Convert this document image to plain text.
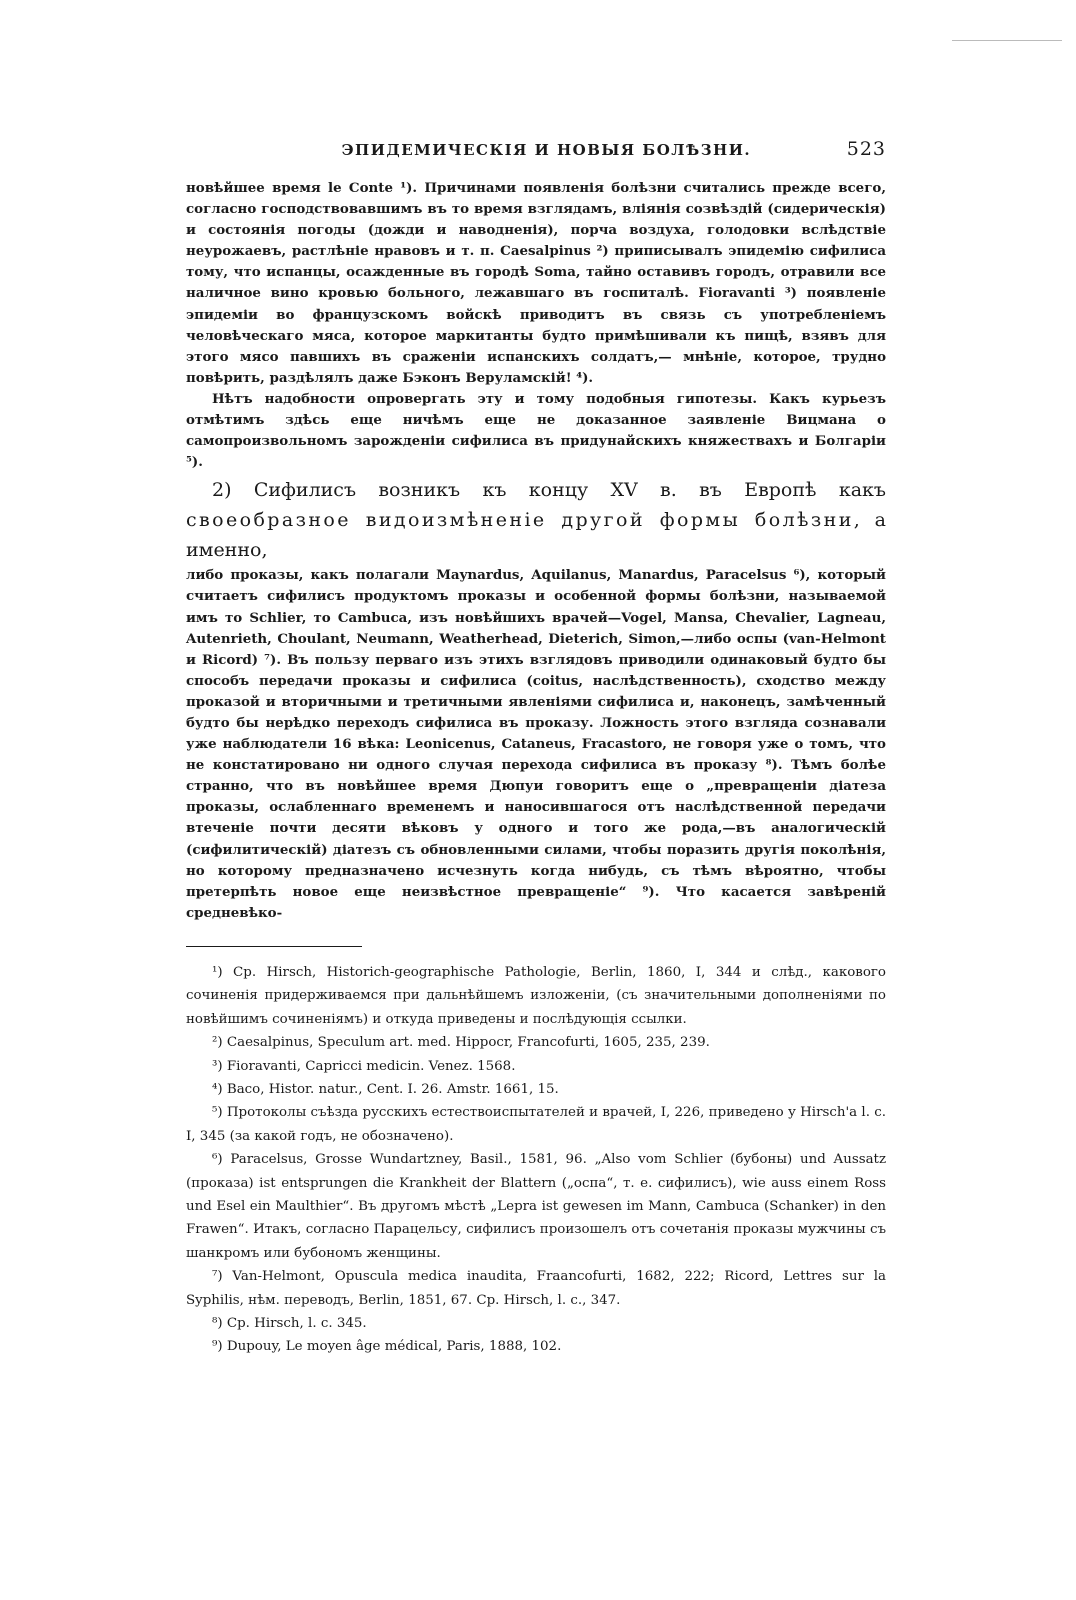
ЭПИДЕМИЧЕСКІЯ И НОВЫЯ БОЛѢЗНИ.	523

новѣйшее время le Conte ¹). Причинами появленія болѣзни считались прежде всего, согласно господствовавшимъ въ то время взглядамъ, вліянія созвѣздій (сидерическія) и состоянія погоды (дожди и наводненія), порча воздуха, голодовки вслѣдствіе неурожаевъ, растлѣніе нравовъ и т. п. Caesalpinus ²) приписывалъ эпидемію сифилиса тому, что испанцы, осажденные въ городѣ Soma, тайно оставивъ городъ, отравили все наличное вино кровью больного, лежавшаго въ госпиталѣ. Fioravanti ³) появленіе эпидеміи во французскомъ войскѣ приводитъ въ связь съ употребленіемъ человѣческаго мяса, которое маркитанты будто примѣшивали къ пищѣ, взявъ для этого мясо павшихъ въ сраженіи испанскихъ солдатъ,— мнѣніе, которое, трудно повѣрить, раздѣлялъ даже Бэконъ Веруламскій! ⁴).

Нѣтъ надобности опровергать эту и тому подобныя гипотезы. Какъ курьезъ отмѣтимъ здѣсь еще ничѣмъ еще не доказанное заявленіе Вицмана о самопроизвольномъ зарожденіи сифилиса въ придунайскихъ княжествахъ и Болгаріи ⁵).

2) Сифилисъ возникъ къ концу XV в. въ Европѣ какъ своеобразное видоизмѣненіе другой формы болѣзни, а именно,

либо проказы, какъ полагали Maynardus, Aquilanus, Manardus, Paracelsus ⁶), который считаетъ сифилисъ продуктомъ проказы и особенной формы болѣзни, называемой имъ то Schlier, то Cambuca, изъ новѣйшихъ врачей—Vogel, Mansa, Chevalier, Lagneau, Autenrieth, Choulant, Neumann, Weatherhead, Dieterich, Simon,—либо оспы (van-Helmont и Ricord) ⁷). Въ пользу перваго изъ этихъ взглядовъ приводили одинаковый будто бы способъ передачи проказы и сифилиса (coitus, наслѣдственность), сходство между проказой и вторичными и третичными явленіями сифилиса и, наконецъ, замѣченный будто бы нерѣдко переходъ сифилиса въ проказу. Ложность этого взгляда сознавали уже наблюдатели 16 вѣка: Leonicenus, Cataneus, Fracastoro, не говоря уже о томъ, что не констатировано ни одного случая перехода сифилиса въ проказу ⁸). Тѣмъ болѣе странно, что въ новѣйшее время Дюпуи говоритъ еще о „превращеніи діатеза проказы, ослабленнаго временемъ и наносившагося отъ наслѣдственной передачи втеченіе почти десяти вѣковъ у одного и того же рода,—въ аналогическій (сифилитическій) діатезъ съ обновленными силами, чтобы поразить другія поколѣнія, но которому предназначено исчезнуть когда нибудь, съ тѣмъ вѣроятно, чтобы претерпѣть новое еще неизвѣстное превращеніе“ ⁹). Что касается завѣреній средневѣко-

¹) Ср. Hirsch, Historich-geographische Pathologie, Berlin, 1860, I, 344 и слѣд., какового сочиненія придерживаемся при дальнѣйшемъ изложеніи, (съ значительными дополненіями по новѣйшимъ сочиненіямъ) и откуда приведены и послѣдующія ссылки.

²) Caesalpinus, Speculum art. med. Hippocr, Francofurti, 1605, 235, 239.

³) Fioravanti, Capricci medicin. Venez. 1568.

⁴) Baco, Histor. natur., Cent. I. 26. Amstr. 1661, 15.

⁵) Протоколы съѣзда русскихъ естествоиспытателей и врачей, I, 226, приведено у Hirsch'а l. c. I, 345 (за какой годъ, не обозначено).

⁶) Paracelsus, Grosse Wundartzney, Basil., 1581, 96. „Also vom Schlier (бубоны) und Aussatz (проказа) ist entsprungen die Krankheit der Blattern („оспа“, т. е. сифилисъ), wie auss einem Ross und Esel ein Maulthier“. Въ другомъ мѣстѣ „Lepra ist gewesen im Mann, Cambuca (Schanker) in den Frawen“. Итакъ, согласно Парацельсу, сифилисъ произошелъ отъ сочетанія проказы мужчины съ шанкромъ или бубономъ женщины.

⁷) Van-Helmont, Opuscula medica inaudita, Fraancofurti, 1682, 222; Ricord, Lettres sur la Syphilis, нѣм. переводъ, Berlin, 1851, 67. Ср. Hirsch, l. c., 347.

⁸) Ср. Hirsch, l. c. 345.

⁹) Dupouy, Le moyen âge médical, Paris, 1888, 102.
